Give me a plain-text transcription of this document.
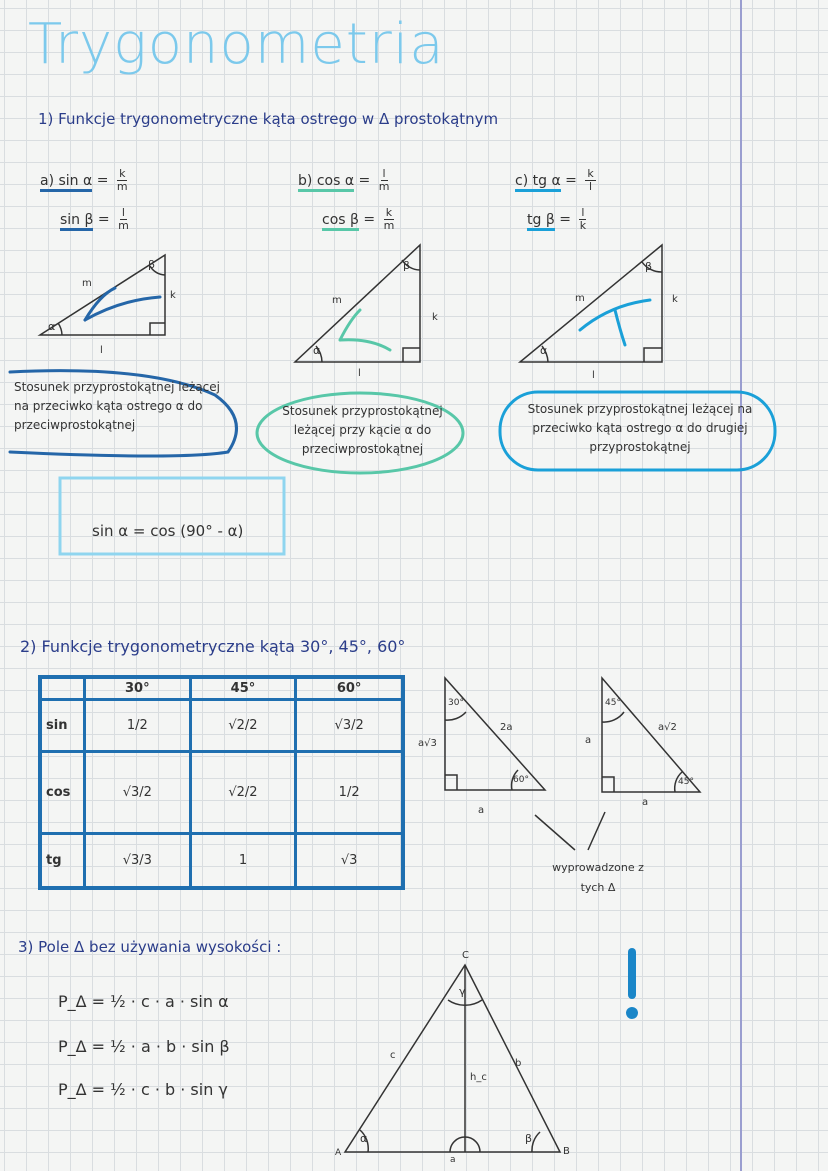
Trygonometria
1) Funkcje trygonometryczne kąta ostrego w Δ prostokątnym
a) $\sin \alpha = \frac{k}{m}$
$\sin \beta = \frac{l}{m}$
b) $\cos \alpha = \frac{l}{m}$
$\cos \beta = \frac{k}{m}$
c) tg $\alpha = \frac{k}{l}$
tg $\beta = \frac{l}{k}$
m
k
l
α
β
m
k
l
α
β
m	k
l
α
β
Stosunek przyprostokątnej leżącej na przeciwko kąta ostrego α do przeciwprostokątnej
Stosunek przyprostokątnej leżącej przy kącie α do przeciwprostokątnej
Stosunek przyprostokątnej leżącej na przeciwko kąta ostrego α do drugiej przyprostokątnej
sin α = cos (90° - α)
2) Funkcje trygonometryczne kąta 30°, 45°, 60°
	30°	45°	60°
sin	1/2	√2/2	√3/2
cos	√3/2	√2/2	1/2
tg	√3/3	1	√3
30°
60°
2a
a√3
a
45°
45°
a√2
a
a
wyprowadzone z tych Δ
3) Pole Δ bez używania wysokości :
P_Δ = ½ · c · a · sin α
P_Δ = ½ · a · b · sin β
P_Δ = ½ · c · b · sin γ
C
A	B
c
b
a
h_c
α	β
γ
